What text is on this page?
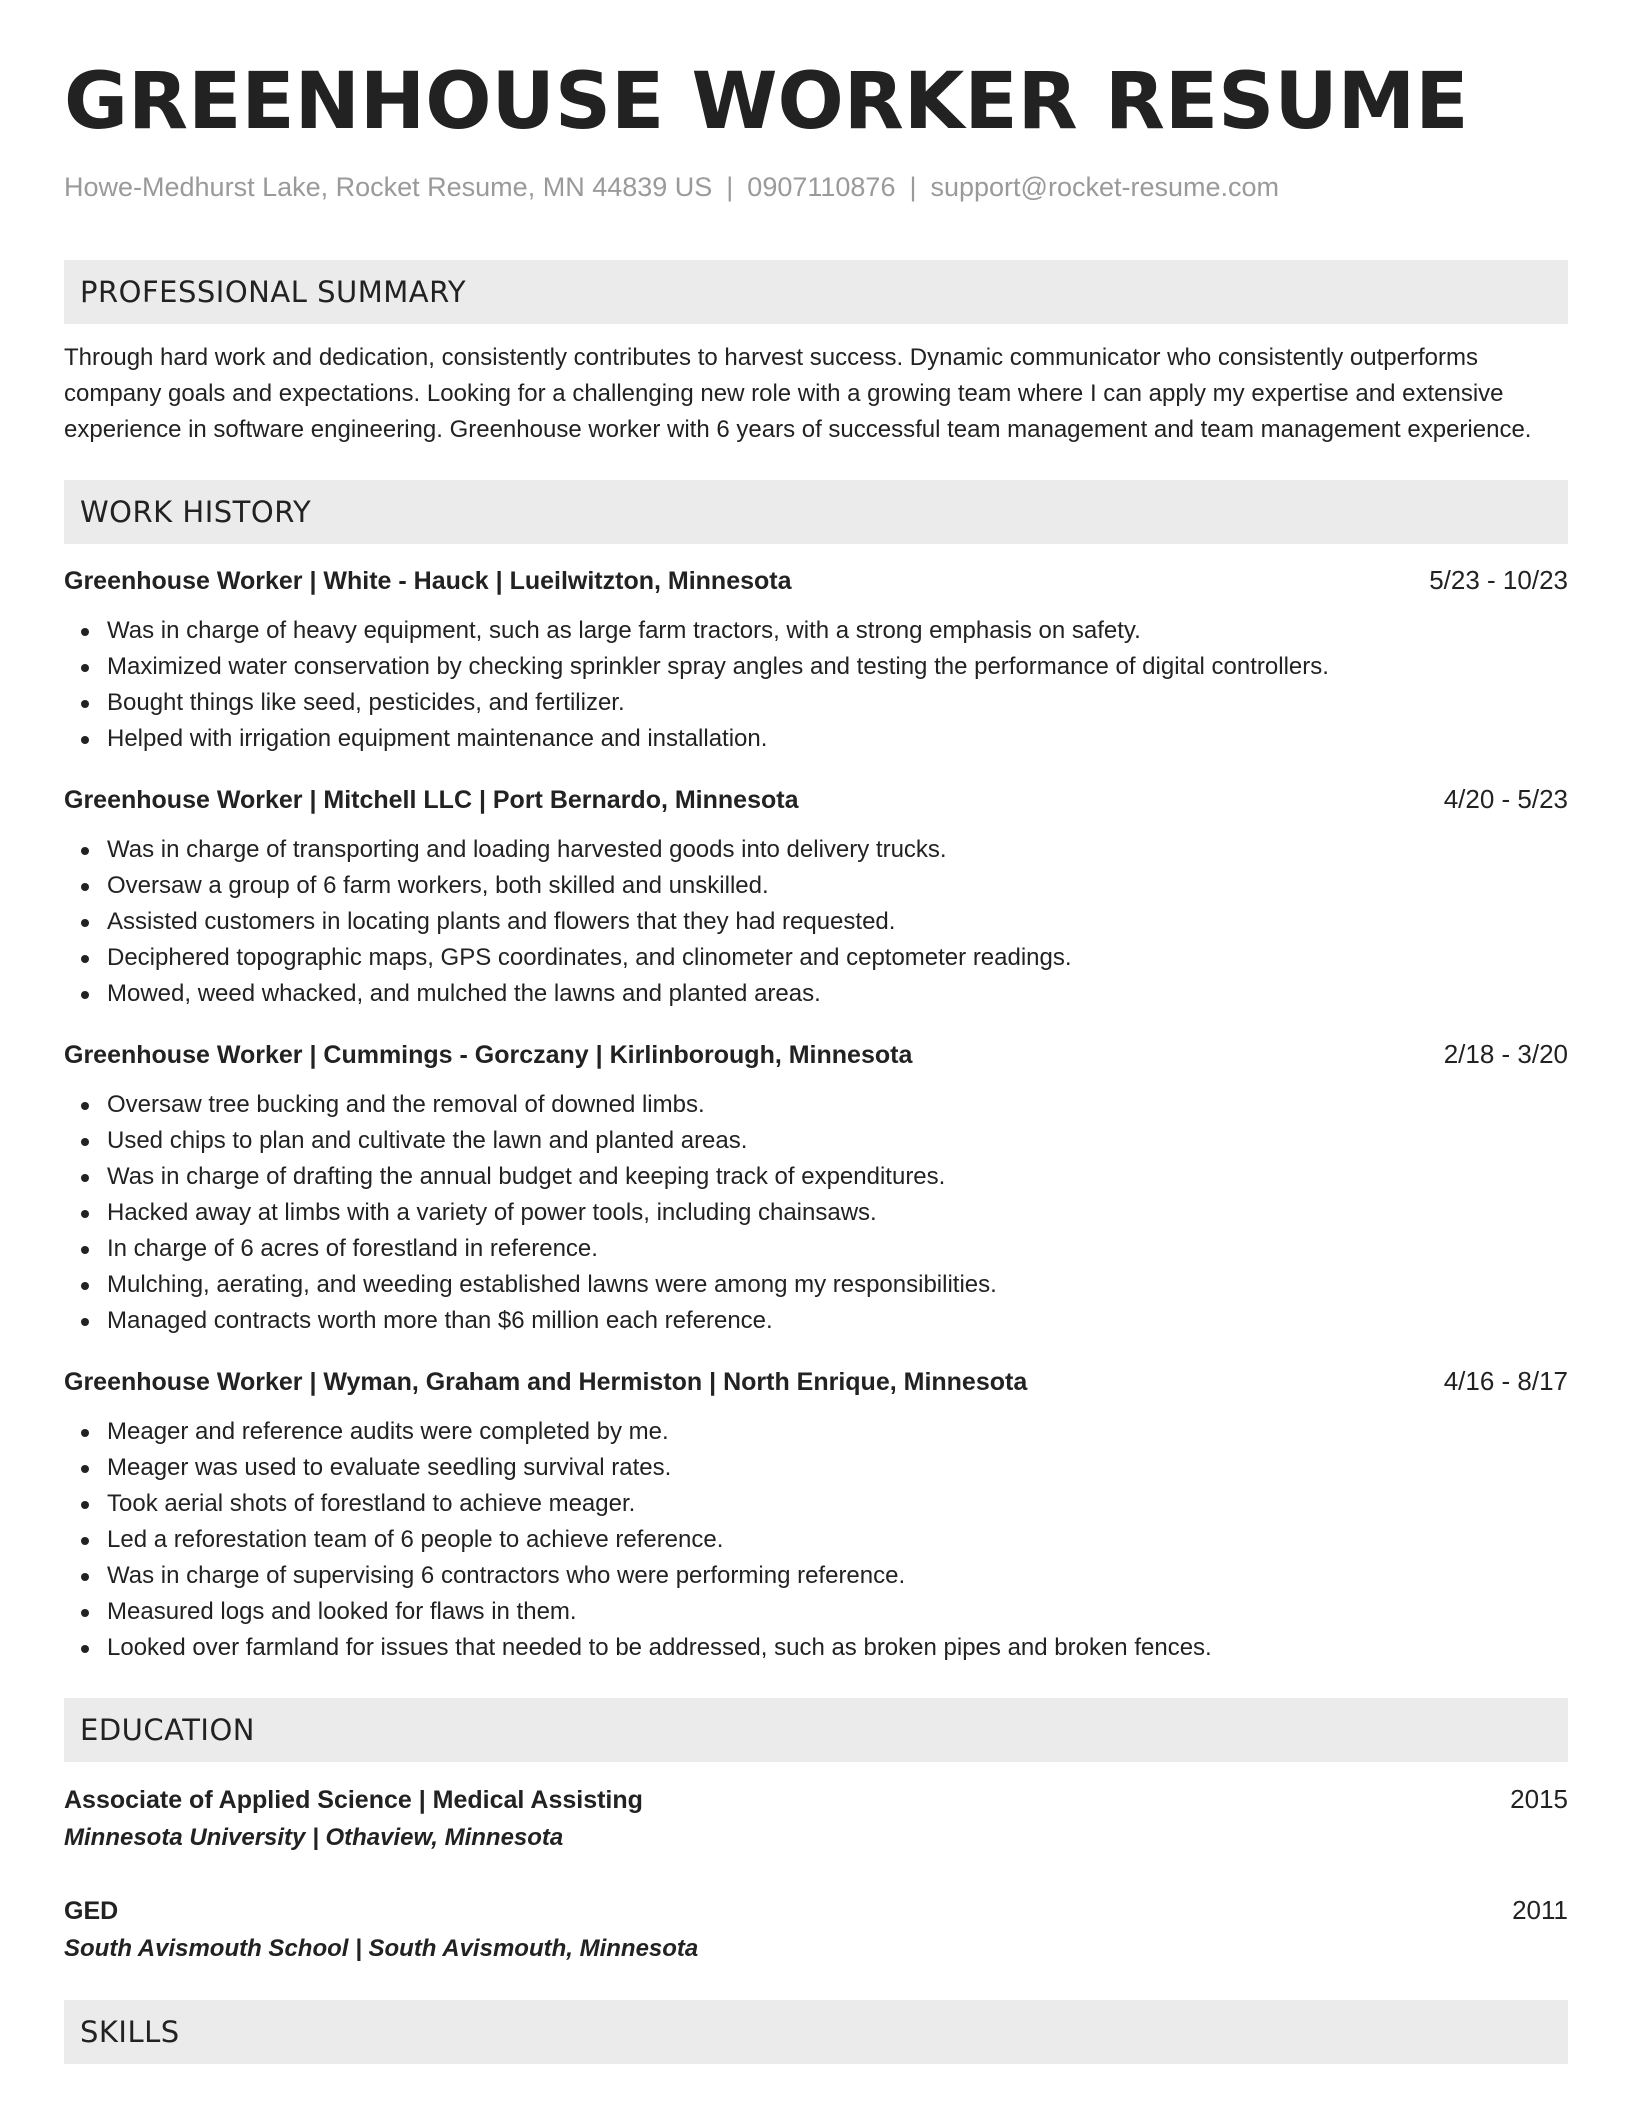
GREENHOUSE WORKER RESUME
Howe-Medhurst Lake, Rocket Resume, MN 44839 US | 0907110876 | support@rocket-resume.com
PROFESSIONAL SUMMARY
Through hard work and dedication, consistently contributes to harvest success. Dynamic communicator who consistently outperforms company goals and expectations. Looking for a challenging new role with a growing team where I can apply my expertise and extensive experience in software engineering. Greenhouse worker with 6 years of successful team management and team management experience.
WORK HISTORY
Greenhouse Worker | White - Hauck | Lueilwitzton, Minnesota	5/23 - 10/23
Was in charge of heavy equipment, such as large farm tractors, with a strong emphasis on safety.
Maximized water conservation by checking sprinkler spray angles and testing the performance of digital controllers.
Bought things like seed, pesticides, and fertilizer.
Helped with irrigation equipment maintenance and installation.
Greenhouse Worker | Mitchell LLC | Port Bernardo, Minnesota	4/20 - 5/23
Was in charge of transporting and loading harvested goods into delivery trucks.
Oversaw a group of 6 farm workers, both skilled and unskilled.
Assisted customers in locating plants and flowers that they had requested.
Deciphered topographic maps, GPS coordinates, and clinometer and ceptometer readings.
Mowed, weed whacked, and mulched the lawns and planted areas.
Greenhouse Worker | Cummings - Gorczany | Kirlinborough, Minnesota	2/18 - 3/20
Oversaw tree bucking and the removal of downed limbs.
Used chips to plan and cultivate the lawn and planted areas.
Was in charge of drafting the annual budget and keeping track of expenditures.
Hacked away at limbs with a variety of power tools, including chainsaws.
In charge of 6 acres of forestland in reference.
Mulching, aerating, and weeding established lawns were among my responsibilities.
Managed contracts worth more than $6 million each reference.
Greenhouse Worker | Wyman, Graham and Hermiston | North Enrique, Minnesota	4/16 - 8/17
Meager and reference audits were completed by me.
Meager was used to evaluate seedling survival rates.
Took aerial shots of forestland to achieve meager.
Led a reforestation team of 6 people to achieve reference.
Was in charge of supervising 6 contractors who were performing reference.
Measured logs and looked for flaws in them.
Looked over farmland for issues that needed to be addressed, such as broken pipes and broken fences.
EDUCATION
Associate of Applied Science | Medical Assisting	2015
Minnesota University | Othaview, Minnesota
GED	2011
South Avismouth School | South Avismouth, Minnesota
SKILLS
